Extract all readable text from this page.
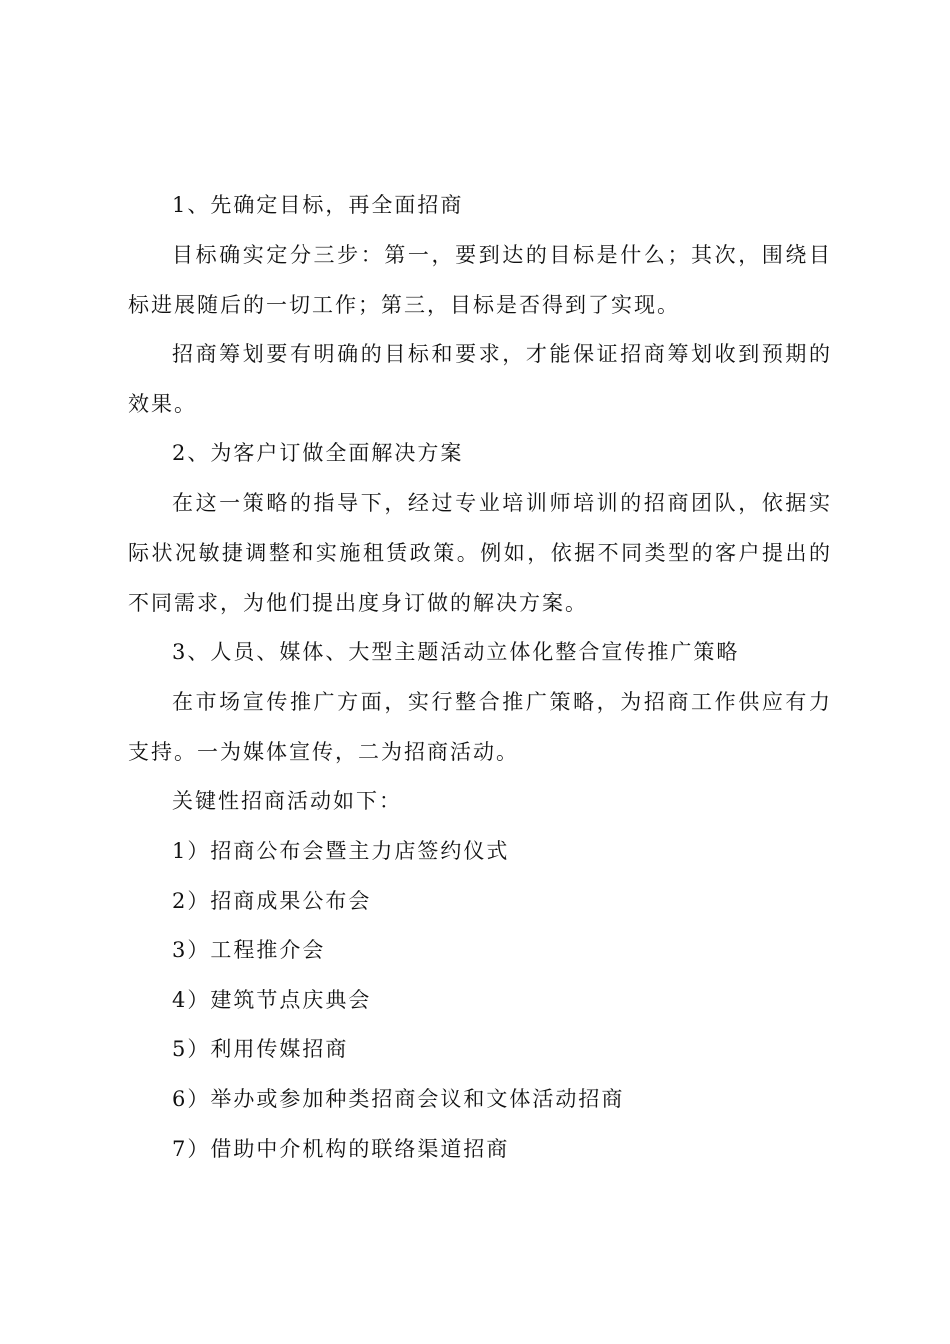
1、先确定目标，再全面招商

目标确实定分三步：第一，要到达的目标是什么；其次，围绕目标进展随后的一切工作；第三，目标是否得到了实现。

招商筹划要有明确的目标和要求，才能保证招商筹划收到预期的效果。

2、为客户订做全面解决方案

在这一策略的指导下，经过专业培训师培训的招商团队，依据实际状况敏捷调整和实施租赁政策。例如，依据不同类型的客户提出的不同需求，为他们提出度身订做的解决方案。

3、人员、媒体、大型主题活动立体化整合宣传推广策略

在市场宣传推广方面，实行整合推广策略，为招商工作供应有力支持。一为媒体宣传，二为招商活动。

关键性招商活动如下：

1）招商公布会暨主力店签约仪式

2）招商成果公布会

3）工程推介会

4）建筑节点庆典会

5）利用传媒招商

6）举办或参加种类招商会议和文体活动招商

7）借助中介机构的联络渠道招商
